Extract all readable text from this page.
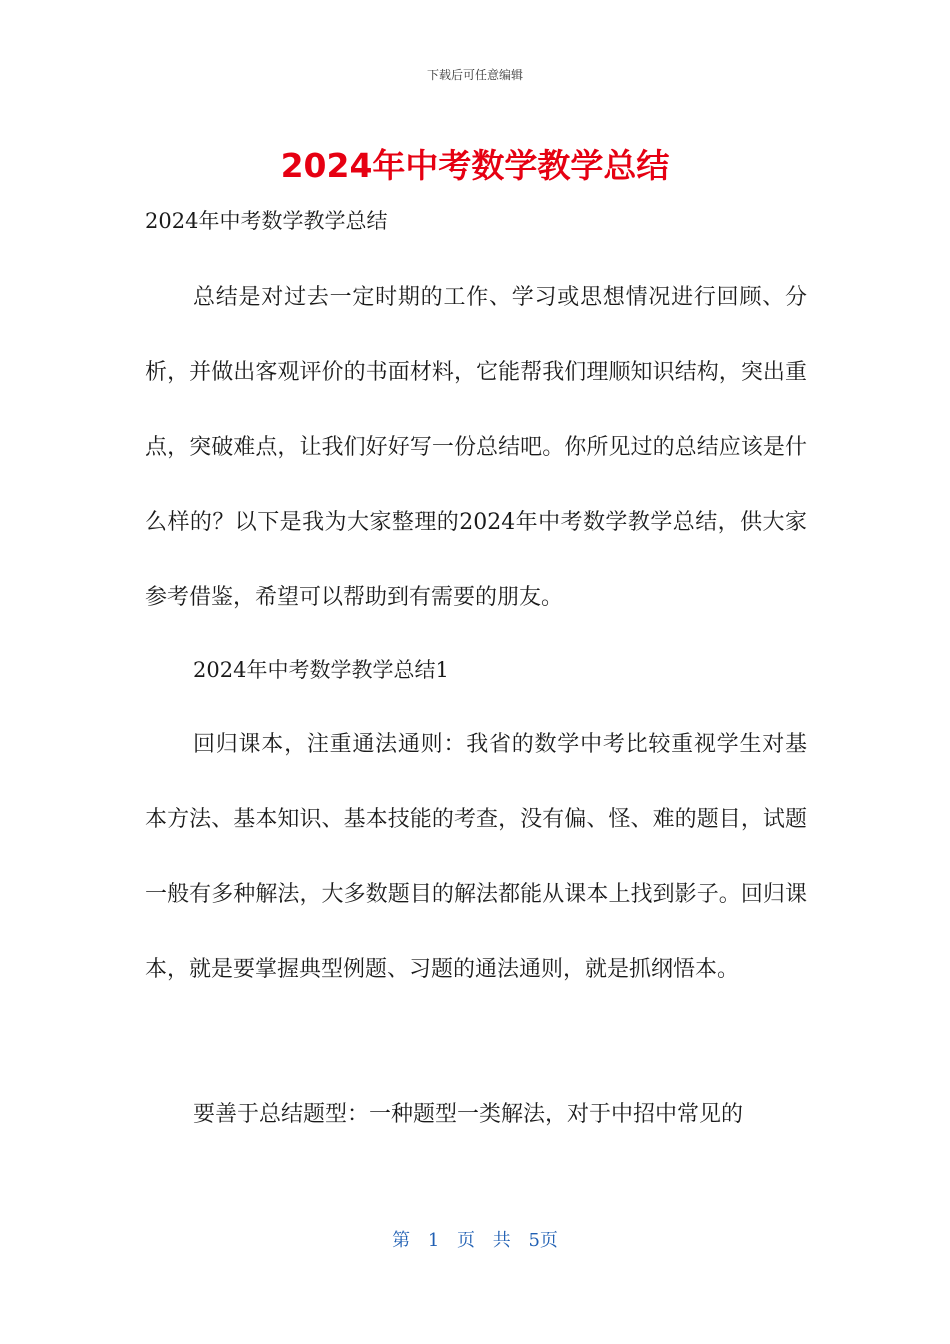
下载后可任意编辑
2024年中考数学教学总结
2024年中考数学教学总结
总结是对过去一定时期的工作、学习或思想情况进行回顾、分析，并做出客观评价的书面材料，它能帮我们理顺知识结构，突出重点，突破难点，让我们好好写一份总结吧。你所见过的总结应该是什么样的？以下是我为大家整理的2024年中考数学教学总结，供大家参考借鉴，希望可以帮助到有需要的朋友。
2024年中考数学教学总结1
回归课本，注重通法通则：我省的数学中考比较重视学生对基本方法、基本知识、基本技能的考查，没有偏、怪、难的题目，试题一般有多种解法，大多数题目的解法都能从课本上找到影子。回归课本，就是要掌握典型例题、习题的通法通则，就是抓纲悟本。
要善于总结题型：一种题型一类解法，对于中招中常见的
第 1 页 共 5页
